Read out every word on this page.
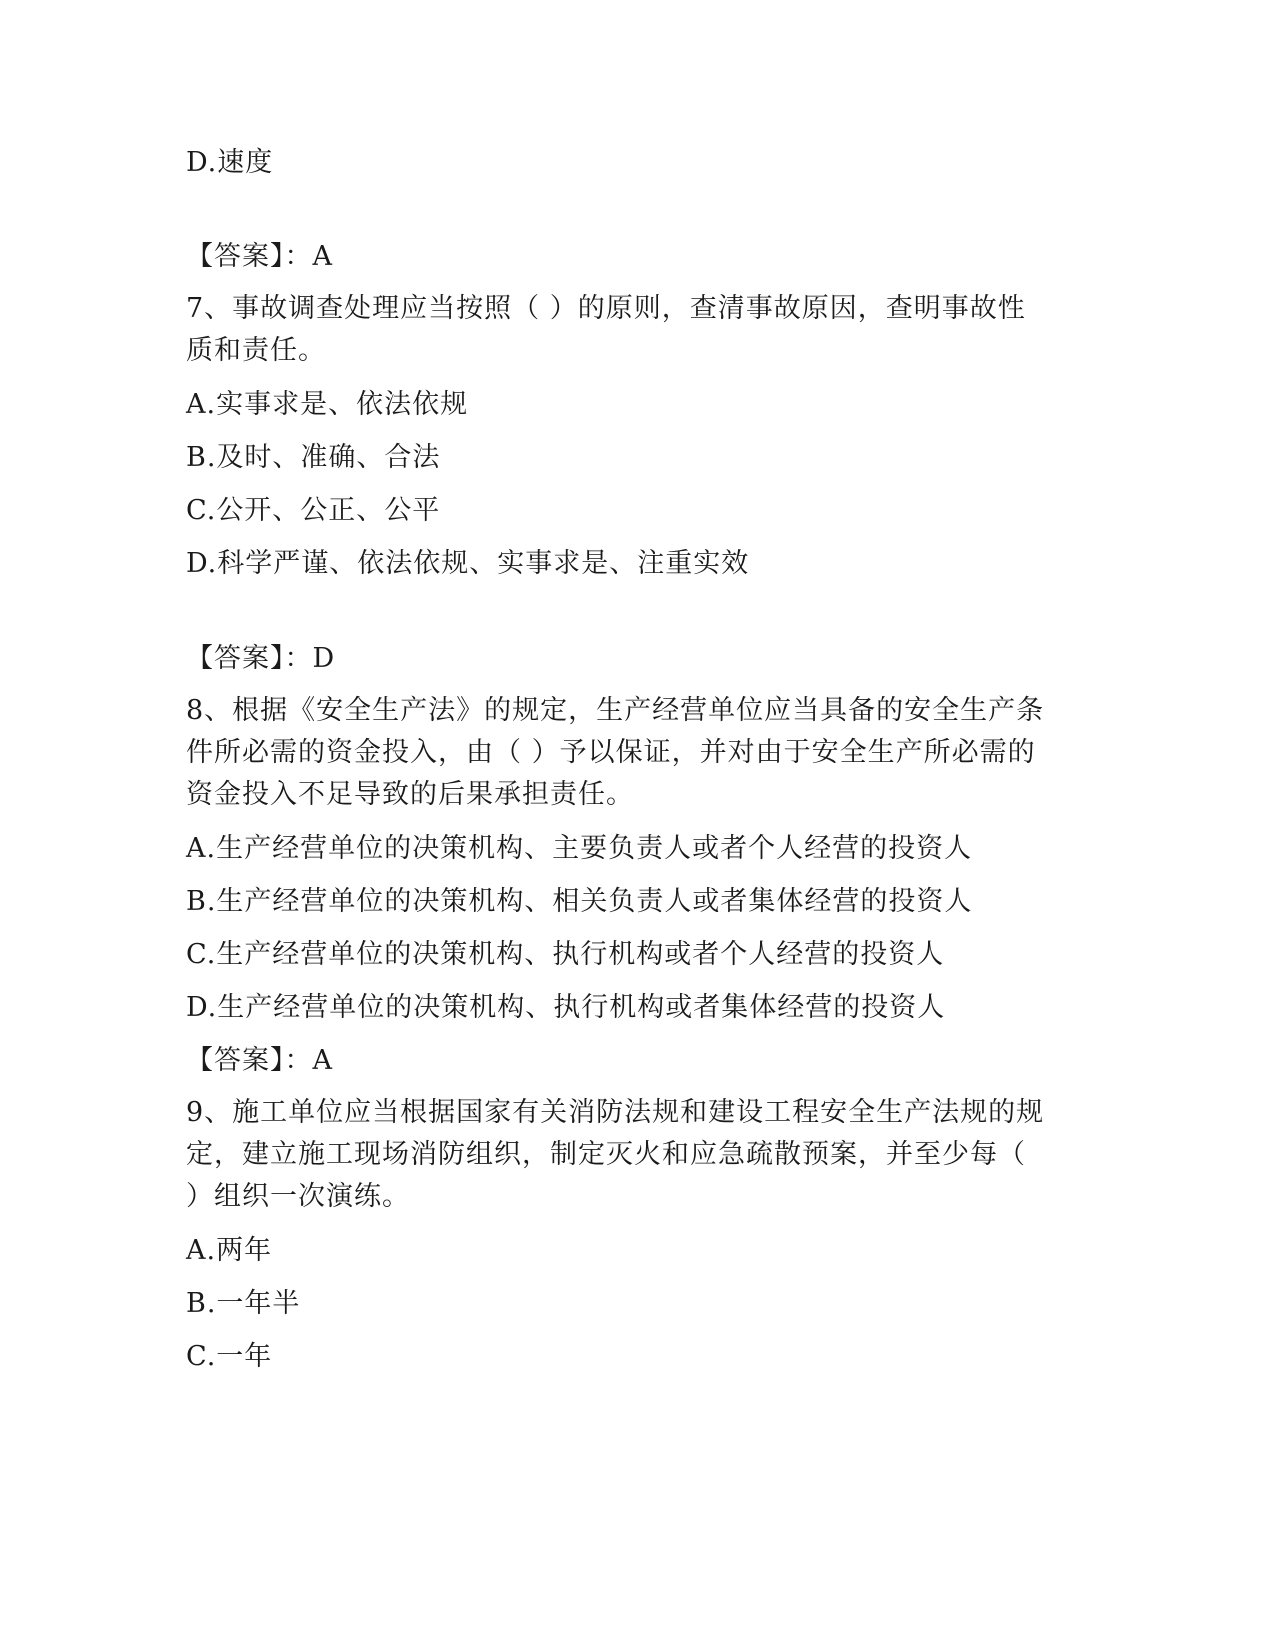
D.速度
【答案】：A
7、事故调查处理应当按照（ ）的原则，查清事故原因，查明事故性
质和责任。
A.实事求是、依法依规
B.及时、准确、合法
C.公开、公正、公平
D.科学严谨、依法依规、实事求是、注重实效
【答案】：D
8、根据《安全生产法》的规定，生产经营单位应当具备的安全生产条
件所必需的资金投入，由（ ）予以保证，并对由于安全生产所必需的
资金投入不足导致的后果承担责任。
A.生产经营单位的决策机构、主要负责人或者个人经营的投资人
B.生产经营单位的决策机构、相关负责人或者集体经营的投资人
C.生产经营单位的决策机构、执行机构或者个人经营的投资人
D.生产经营单位的决策机构、执行机构或者集体经营的投资人
【答案】：A
9、施工单位应当根据国家有关消防法规和建设工程安全生产法规的规
定，建立施工现场消防组织，制定灭火和应急疏散预案，并至少每（
）组织一次演练。
A.两年
B.一年半
C.一年
